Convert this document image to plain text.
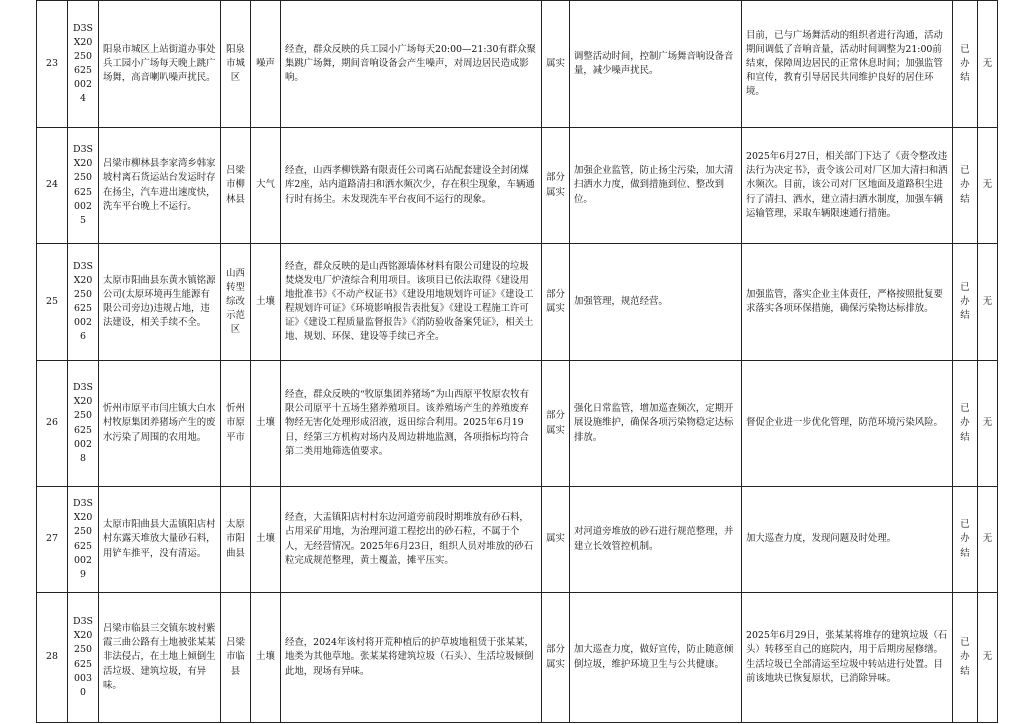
23	D3SX202506250024	阳泉市城区上站街道办事处兵工园小广场每天晚上跳广场舞，高音喇叭噪声扰民。	阳泉市城区	噪声	经查，群众反映的兵工园小广场每天20:00—21:30有群众聚集跳广场舞，期间音响设备会产生噪声，对周边居民造成影响。	属实	调整活动时间，控制广场舞音响设备音量，减少噪声扰民。	目前，已与广场舞活动的组织者进行沟通，活动期间调低了音响音量，活动时间调整为21:00前结束，保障周边居民的正常休息时间；加强监管和宣传，教育引导居民共同维护良好的居住环境。	已办结	无
24	D3SX202506250025	吕梁市柳林县李家湾乡韩家坡村离石货运站台发运时存在扬尘，汽车进出速度快，洗车平台晚上不运行。	吕梁市柳林县	大气	经查，山西孝柳铁路有限责任公司离石站配套建设全封闭煤库2座，站内道路清扫和洒水频次少，存在积尘现象，车辆通行时有扬尘。未发现洗车平台夜间不运行的现象。	部分属实	加强企业监管，防止扬尘污染，加大清扫洒水力度，做到措施到位、整改到位。	2025年6月27日，相关部门下达了《责令整改违法行为决定书》，责令该公司对厂区加大清扫和洒水频次。目前，该公司对厂区地面及道路积尘进行了清扫、洒水，建立清扫洒水制度，加强车辆运输管理，采取车辆限速通行措施。	已办结	无
25	D3SX202506250026	太原市阳曲县东黄水镇铭源公司(太原环境再生能源有限公司旁边)违规占地，违法建设，相关手续不全。	山西转型综改示范区	土壤	经查，群众反映的是山西铭源墙体材料有限公司建设的垃圾焚烧发电厂炉渣综合利用项目。该项目已依法取得《建设用地批准书》《不动产权证书》《建设用地规划许可证》《建设工程规划许可证》《环境影响报告表批复》《建设工程施工许可证》《建设工程质量监督报告》《消防验收备案凭证》，相关土地、规划、环保、建设等手续已齐全。	部分属实	加强管理，规范经营。	加强监管，落实企业主体责任，严格按照批复要求落实各项环保措施，确保污染物达标排放。	已办结	无
26	D3SX202506250028	忻州市原平市闫庄镇大白水村牧原集团养猪场产生的废水污染了周围的农用地。	忻州市原平市	土壤	经查，群众反映的“牧原集团养猪场”为山西原平牧原农牧有限公司原平十五场生猪养殖项目。该养殖场产生的养殖废弃物经无害化处理形成沼液，返田综合利用。2025年6月19日，经第三方机构对场内及周边耕地监测，各项指标均符合第二类用地筛选值要求。	部分属实	强化日常监管，增加巡查频次，定期开展设施维护，确保各项污染物稳定达标排放。	督促企业进一步优化管理，防范环境污染风险。	已办结	无
27	D3SX202506250029	太原市阳曲县大盂镇阳店村村东露天堆放大量砂石料，用铲车推平，没有清运。	太原市阳曲县	土壤	经查，大盂镇阳店村村东边河道旁前段时期堆放有砂石料，占用采矿用地，为治理河道工程挖出的砂石粒，不属于个人，无经营情况。2025年6月23日，组织人员对堆放的砂石粒完成规范整理，黄土覆盖，摊平压实。	属实	对河道旁堆放的砂石进行规范整理，并建立长效管控机制。	加大巡查力度，发现问题及时处理。	已办结	无
28	D3SX202506250030	吕梁市临县三交镇东坡村紫霞三曲公路有土地被张某某非法侵占，在土地上倾倒生活垃圾、建筑垃圾，有异味。	吕梁市临县	土壤	经查，2024年该村将开荒种植后的护草坡地租赁于张某某，地类为其他草地。张某某将建筑垃圾（石头）、生活垃圾倾倒此地，现场有异味。	部分属实	加大巡查力度，做好宣传，防止随意倾倒垃圾，维护环境卫生与公共健康。	2025年6月29日，张某某将堆存的建筑垃圾（石头）转移至自己的庭院内，用于后期房屋修缮。生活垃圾已全部清运至垃圾中转站进行处置。目前该地块已恢复原状，已消除异味。	已办结	无
